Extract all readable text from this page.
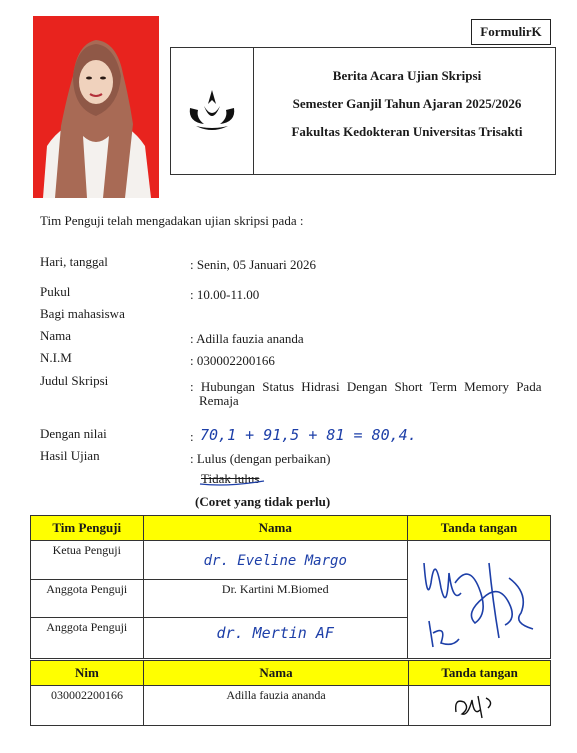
FormulirK
Berita Acara Ujian Skripsi
Semester Ganjil Tahun Ajaran 2025/2026
Fakultas Kedokteran Universitas Trisakti
Tim Penguji telah mengadakan ujian skripsi pada :
Hari, tanggal	: Senin, 05 Januari 2026
Pukul	: 10.00-11.00
Bagi mahasiswa
Nama	: Adilla fauzia ananda
N.I.M	: 030002200166
Judul Skripsi	: Hubungan Status Hidrasi Dengan Short Term Memory Pada
Remaja
Dengan nilai	: 70,1 + 91,5 + 81 = 80,4.
Hasil Ujian	: Lulus (dengan perbaikan)
Tidak lulus
(Coret yang tidak perlu)
Tim Penguji	Nama	Tanda tangan
Ketua Penguji	dr. Eveline Margo	
Anggota Penguji	Dr. Kartini M.Biomed	
Anggota Penguji	dr. Mertin AF	
Nim	Nama	Tanda tangan
030002200166	Adilla fauzia ananda	
